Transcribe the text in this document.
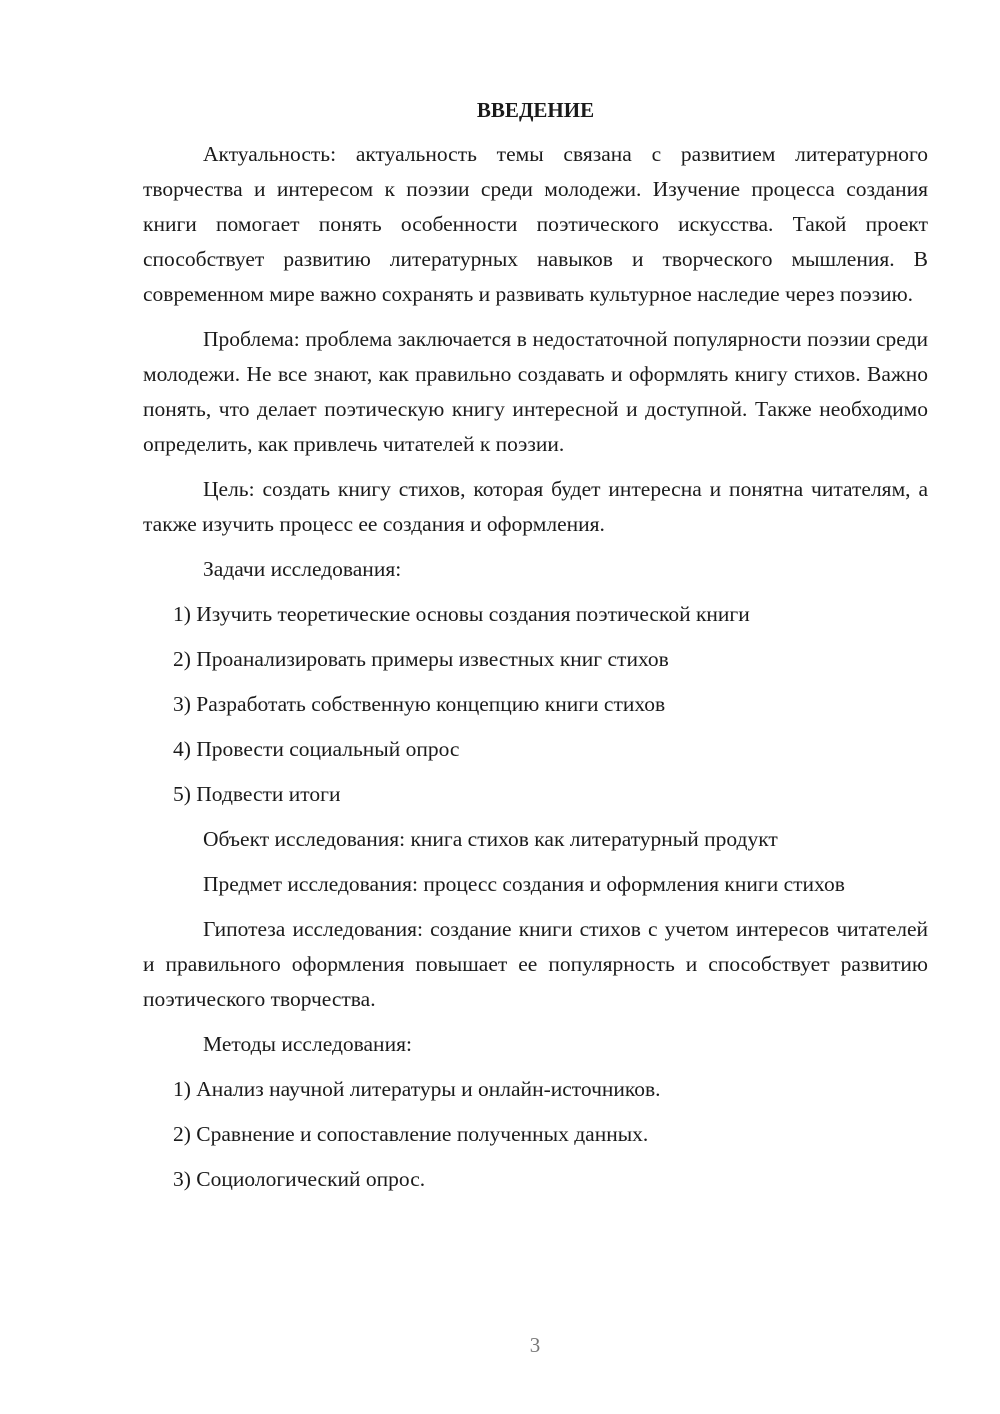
ВВЕДЕНИЕ

Актуальность: актуальность темы связана с развитием литературного творчества и интересом к поэзии среди молодежи. Изучение процесса создания книги помогает понять особенности поэтического искусства. Такой проект способствует развитию литературных навыков и творческого мышления. В современном мире важно сохранять и развивать культурное наследие через поэзию.

Проблема: проблема заключается в недостаточной популярности поэзии среди молодежи. Не все знают, как правильно создавать и оформлять книгу стихов. Важно понять, что делает поэтическую книгу интересной и доступной. Также необходимо определить, как привлечь читателей к поэзии.

Цель: создать книгу стихов, которая будет интересна и понятна читателям, а также изучить процесс ее создания и оформления.

Задачи исследования:

1) Изучить теоретические основы создания поэтической книги

2) Проанализировать примеры известных книг стихов

3) Разработать собственную концепцию книги стихов

4) Провести социальный опрос

5) Подвести итоги

Объект исследования: книга стихов как литературный продукт

Предмет исследования: процесс создания и оформления книги стихов

Гипотеза исследования: создание книги стихов с учетом интересов читателей и правильного оформления повышает ее популярность и способствует развитию поэтического творчества.

Методы исследования:

1) Анализ научной литературы и онлайн-источников.

2) Сравнение и сопоставление полученных данных.

3) Социологический опрос.

3
